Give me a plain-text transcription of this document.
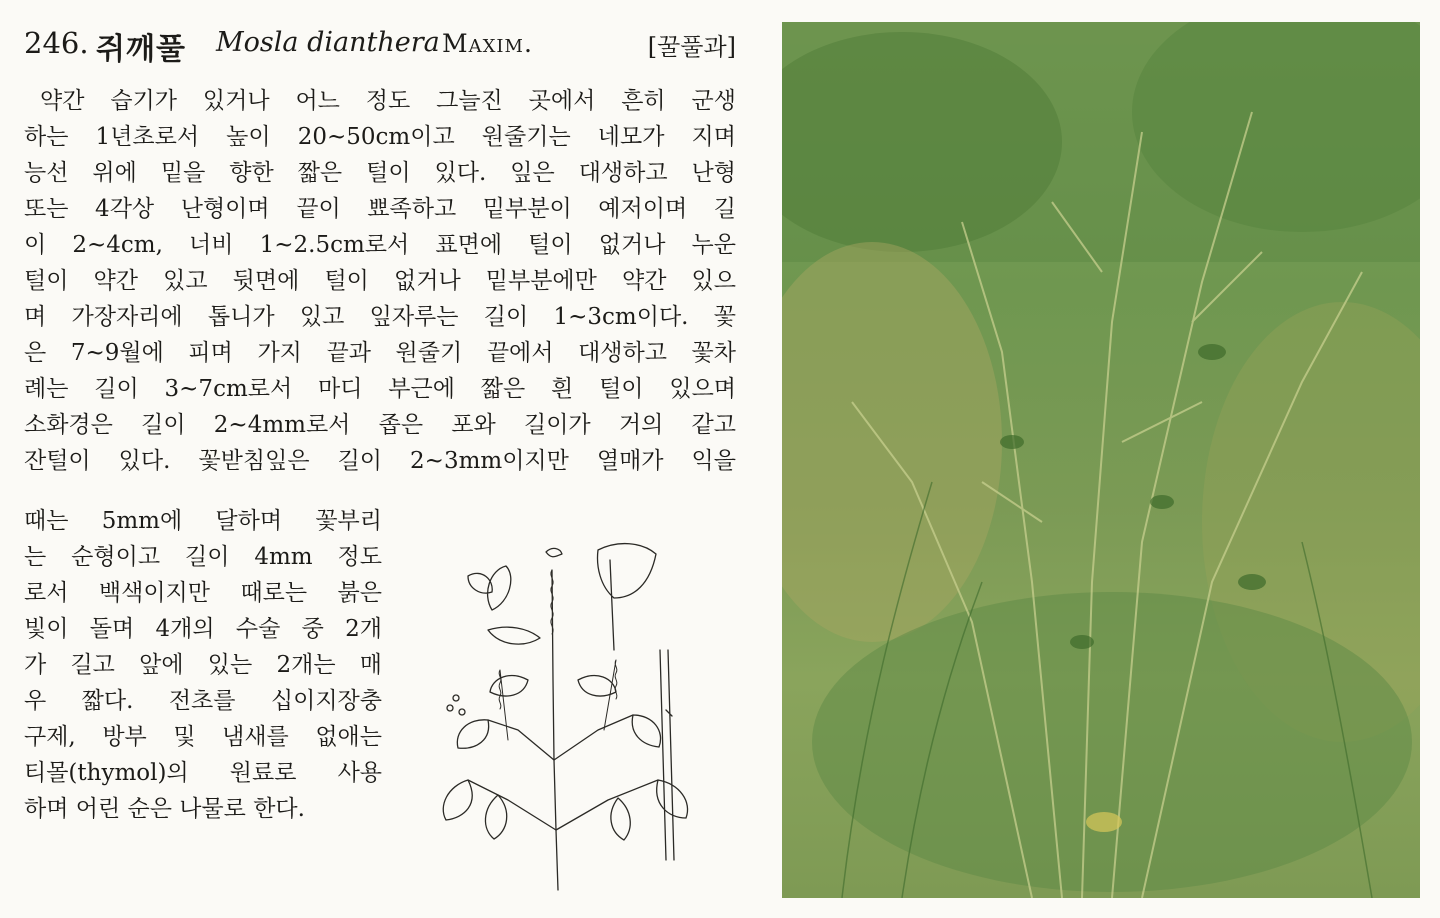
246. 쥐깨풀 Mosla dianthera Maxim.	[꿀풀과]
약간 습기가 있거나 어느 정도 그늘진 곳에서 흔히 군생
하는 1년초로서 높이 20~50cm이고 원줄기는 네모가 지며
능선 위에 밑을 향한 짧은 털이 있다. 잎은 대생하고 난형
또는 4각상 난형이며 끝이 뾰족하고 밑부분이 예저이며 길
이 2~4cm, 너비 1~2.5cm로서 표면에 털이 없거나 누운
털이 약간 있고 뒷면에 털이 없거나 밑부분에만 약간 있으
며 가장자리에 톱니가 있고 잎자루는 길이 1~3cm이다. 꽃
은 7~9월에 피며 가지 끝과 원줄기 끝에서 대생하고 꽃차
례는 길이 3~7cm로서 마디 부근에 짧은 흰 털이 있으며
소화경은 길이 2~4mm로서 좁은 포와 길이가 거의 같고
잔털이 있다. 꽃받침잎은 길이 2~3mm이지만 열매가 익을
때는 5mm에 달하며 꽃부리
는 순형이고 길이 4mm 정도
로서 백색이지만 때로는 붉은
빛이 돌며 4개의 수술 중 2개
가 길고 앞에 있는 2개는 매
우 짧다. 전초를 십이지장충
구제, 방부 및 냄새를 없애는
티몰(thymol)의 원료로 사용
하며 어린 순은 나물로 한다.
